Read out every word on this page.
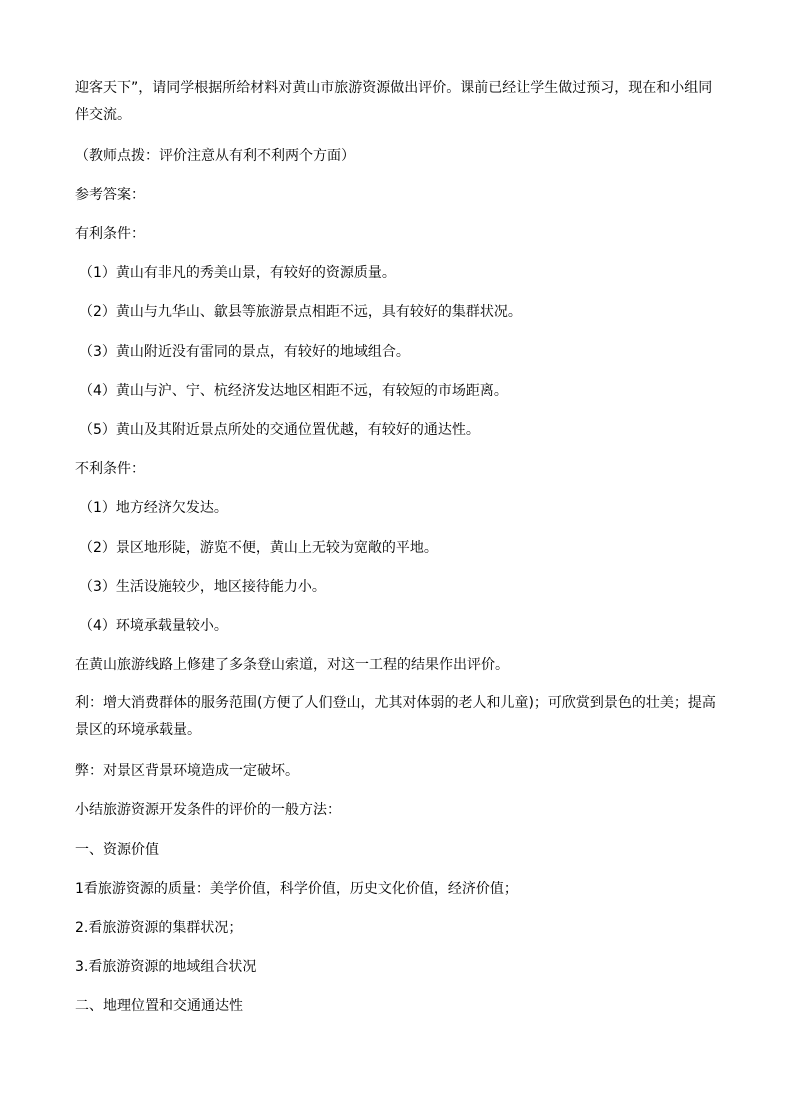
迎客天下”，请同学根据所给材料对黄山市旅游资源做出评价。课前已经让学生做过预习，现在和小组同
伴交流。
（教师点拨：评价注意从有利不利两个方面）
参考答案：
有利条件：
（1）黄山有非凡的秀美山景，有较好的资源质量。
（2）黄山与九华山、歙县等旅游景点相距不远，具有较好的集群状况。
（3）黄山附近没有雷同的景点，有较好的地域组合。
（4）黄山与沪、宁、杭经济发达地区相距不远，有较短的市场距离。
（5）黄山及其附近景点所处的交通位置优越，有较好的通达性。
不利条件：
（1）地方经济欠发达。
（2）景区地形陡，游览不便，黄山上无较为宽敞的平地。
（3）生活设施较少，地区接待能力小。
（4）环境承载量较小。
在黄山旅游线路上修建了多条登山索道，对这一工程的结果作出评价。
利：增大消费群体的服务范围(方便了人们登山，尤其对体弱的老人和儿童)；可欣赏到景色的壮美；提高景区的环境承载量。
弊：对景区背景环境造成一定破坏。
小结旅游资源开发条件的评价的一般方法：
一、资源价值
1看旅游资源的质量：美学价值，科学价值，历史文化价值，经济价值；
2.看旅游资源的集群状况；
3.看旅游资源的地域组合状况
二、地理位置和交通通达性
